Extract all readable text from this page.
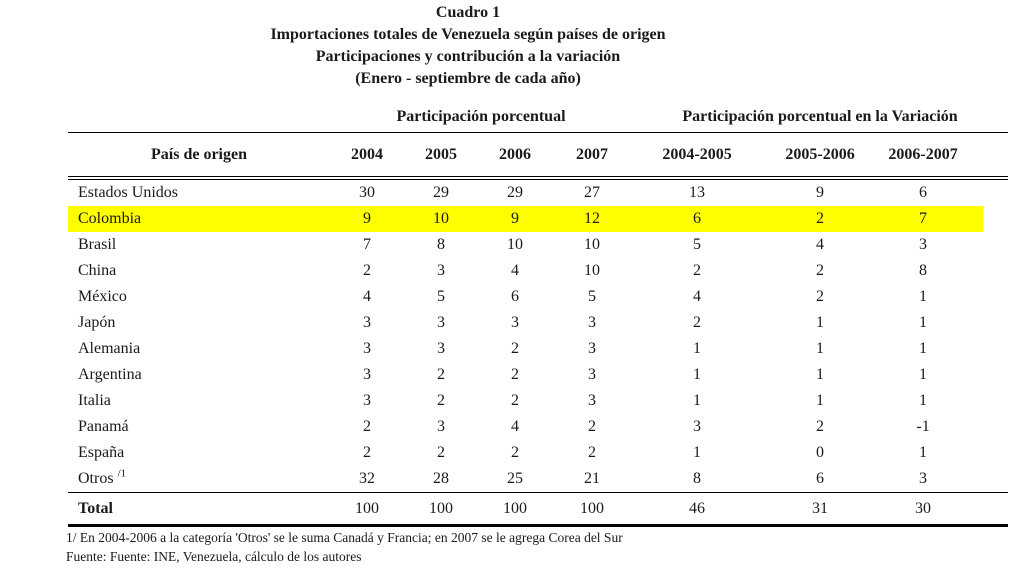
Cuadro 1
Importaciones totales de Venezuela según países de origen
Participaciones y contribución a la variación
(Enero - septiembre de cada año)
	Participación porcentual				Participación porcentual en la Variación		
País de origen	2004	2005	2006	2007	2004-2005	2005-2006	2006-2007
Estados Unidos	30	29	29	27	13	9	6
Colombia	9	10	9	12	6	2	7
Brasil	7	8	10	10	5	4	3
China	2	3	4	10	2	2	8
México	4	5	6	5	4	2	1
Japón	3	3	3	3	2	1	1
Alemania	3	3	2	3	1	1	1
Argentina	3	2	2	3	1	1	1
Italia	3	2	2	3	1	1	1
Panamá	2	3	4	2	3	2	-1
España	2	2	2	2	1	0	1
Otros $^{/1}$	32	28	25	21	8	6	3
Total	100	100	100	100	46	31	30
1/ En 2004-2006 a la categoría 'Otros' se le suma Canadá y Francia; en 2007 se le agrega Corea del Sur
Fuente: Fuente: INE, Venezuela, cálculo de los autores
